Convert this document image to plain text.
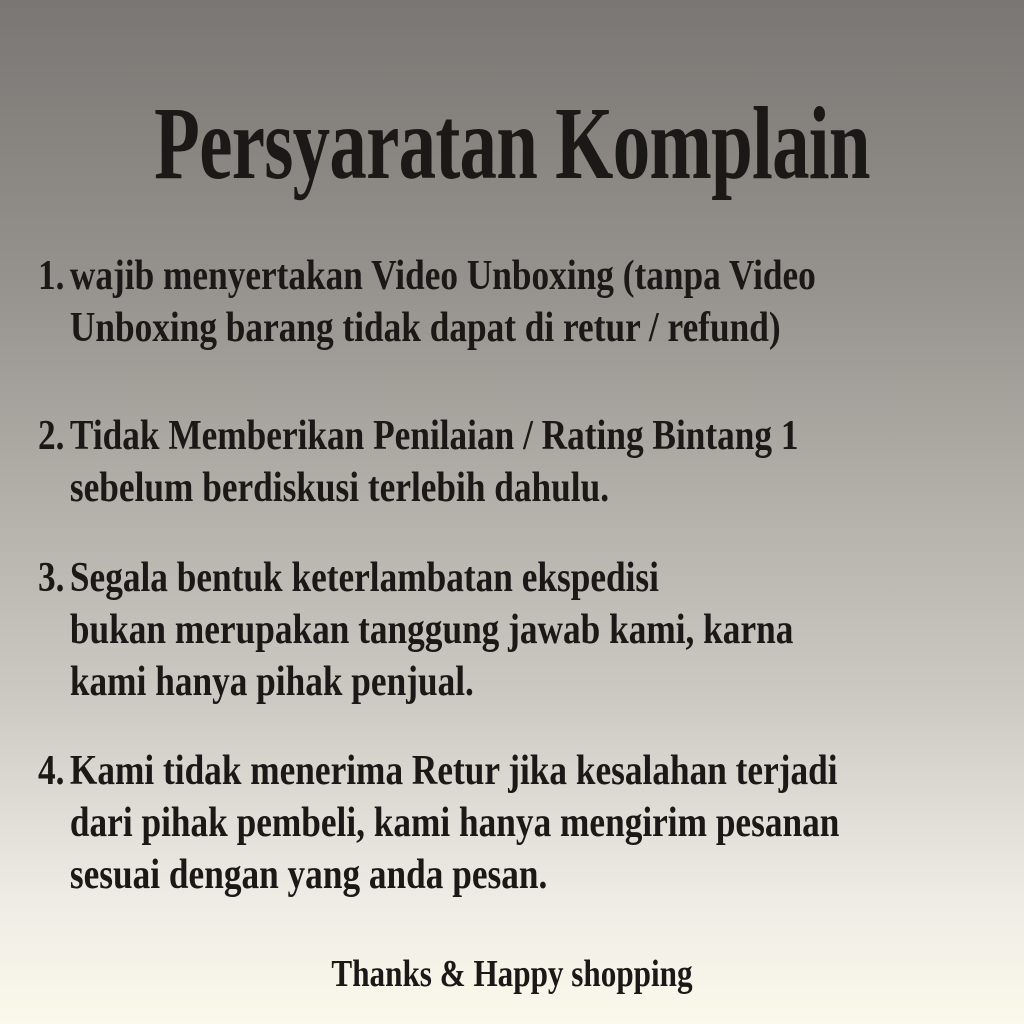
Persyaratan Komplain
1. wajib menyertakan Video Unboxing (tanpa Video
Unboxing barang tidak dapat di retur / refund)
2. Tidak Memberikan Penilaian / Rating Bintang 1
sebelum berdiskusi terlebih dahulu.
3. Segala bentuk keterlambatan ekspedisi
bukan merupakan tanggung jawab kami, karna
kami hanya pihak penjual.
4. Kami tidak menerima Retur jika kesalahan terjadi
dari pihak pembeli, kami hanya mengirim pesanan
sesuai dengan yang anda pesan.
Thanks & Happy shopping
